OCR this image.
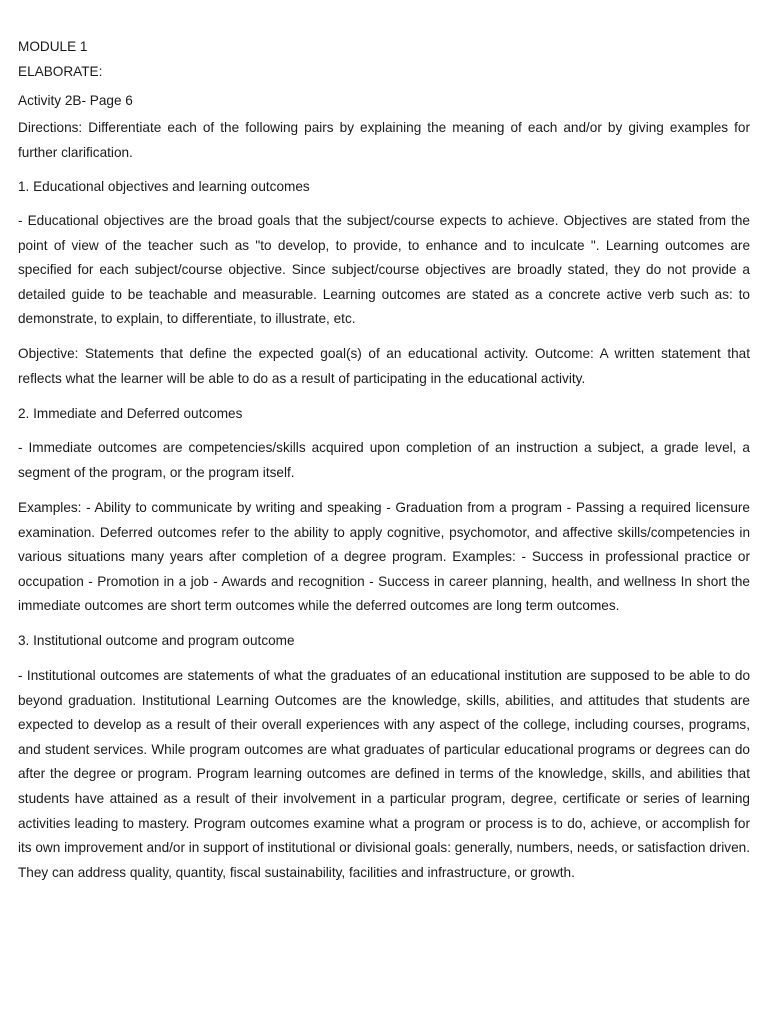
MODULE 1
ELABORATE:
Activity 2B- Page 6
Directions: Differentiate each of the following pairs by explaining the meaning of each and/or by giving examples for further clarification.
1. Educational objectives and learning outcomes
- Educational objectives are the broad goals that the subject/course expects to achieve. Objectives are stated from the point of view of the teacher such as "to develop, to provide, to enhance and to inculcate ". Learning outcomes are specified for each subject/course objective. Since subject/course objectives are broadly stated, they do not provide a detailed guide to be teachable and measurable. Learning outcomes are stated as a concrete active verb such as: to demonstrate, to explain, to differentiate, to illustrate, etc.
Objective: Statements that define the expected goal(s) of an educational activity. Outcome: A written statement that reflects what the learner will be able to do as a result of participating in the educational activity.
2. Immediate and Deferred outcomes
- Immediate outcomes are competencies/skills acquired upon completion of an instruction a subject, a grade level, a segment of the program, or the program itself.
Examples: - Ability to communicate by writing and speaking - Graduation from a program - Passing a required licensure examination. Deferred outcomes refer to the ability to apply cognitive, psychomotor, and affective skills/competencies in various situations many years after completion of a degree program. Examples: - Success in professional practice or occupation - Promotion in a job - Awards and recognition - Success in career planning, health, and wellness In short the immediate outcomes are short term outcomes while the deferred outcomes are long term outcomes.
3. Institutional outcome and program outcome
- Institutional outcomes are statements of what the graduates of an educational institution are supposed to be able to do beyond graduation. Institutional Learning Outcomes are the knowledge, skills, abilities, and attitudes that students are expected to develop as a result of their overall experiences with any aspect of the college, including courses, programs, and student services. While program outcomes are what graduates of particular educational programs or degrees can do after the degree or program. Program learning outcomes are defined in terms of the knowledge, skills, and abilities that students have attained as a result of their involvement in a particular program, degree, certificate or series of learning activities leading to mastery. Program outcomes examine what a program or process is to do, achieve, or accomplish for its own improvement and/or in support of institutional or divisional goals: generally, numbers, needs, or satisfaction driven. They can address quality, quantity, fiscal sustainability, facilities and infrastructure, or growth.
